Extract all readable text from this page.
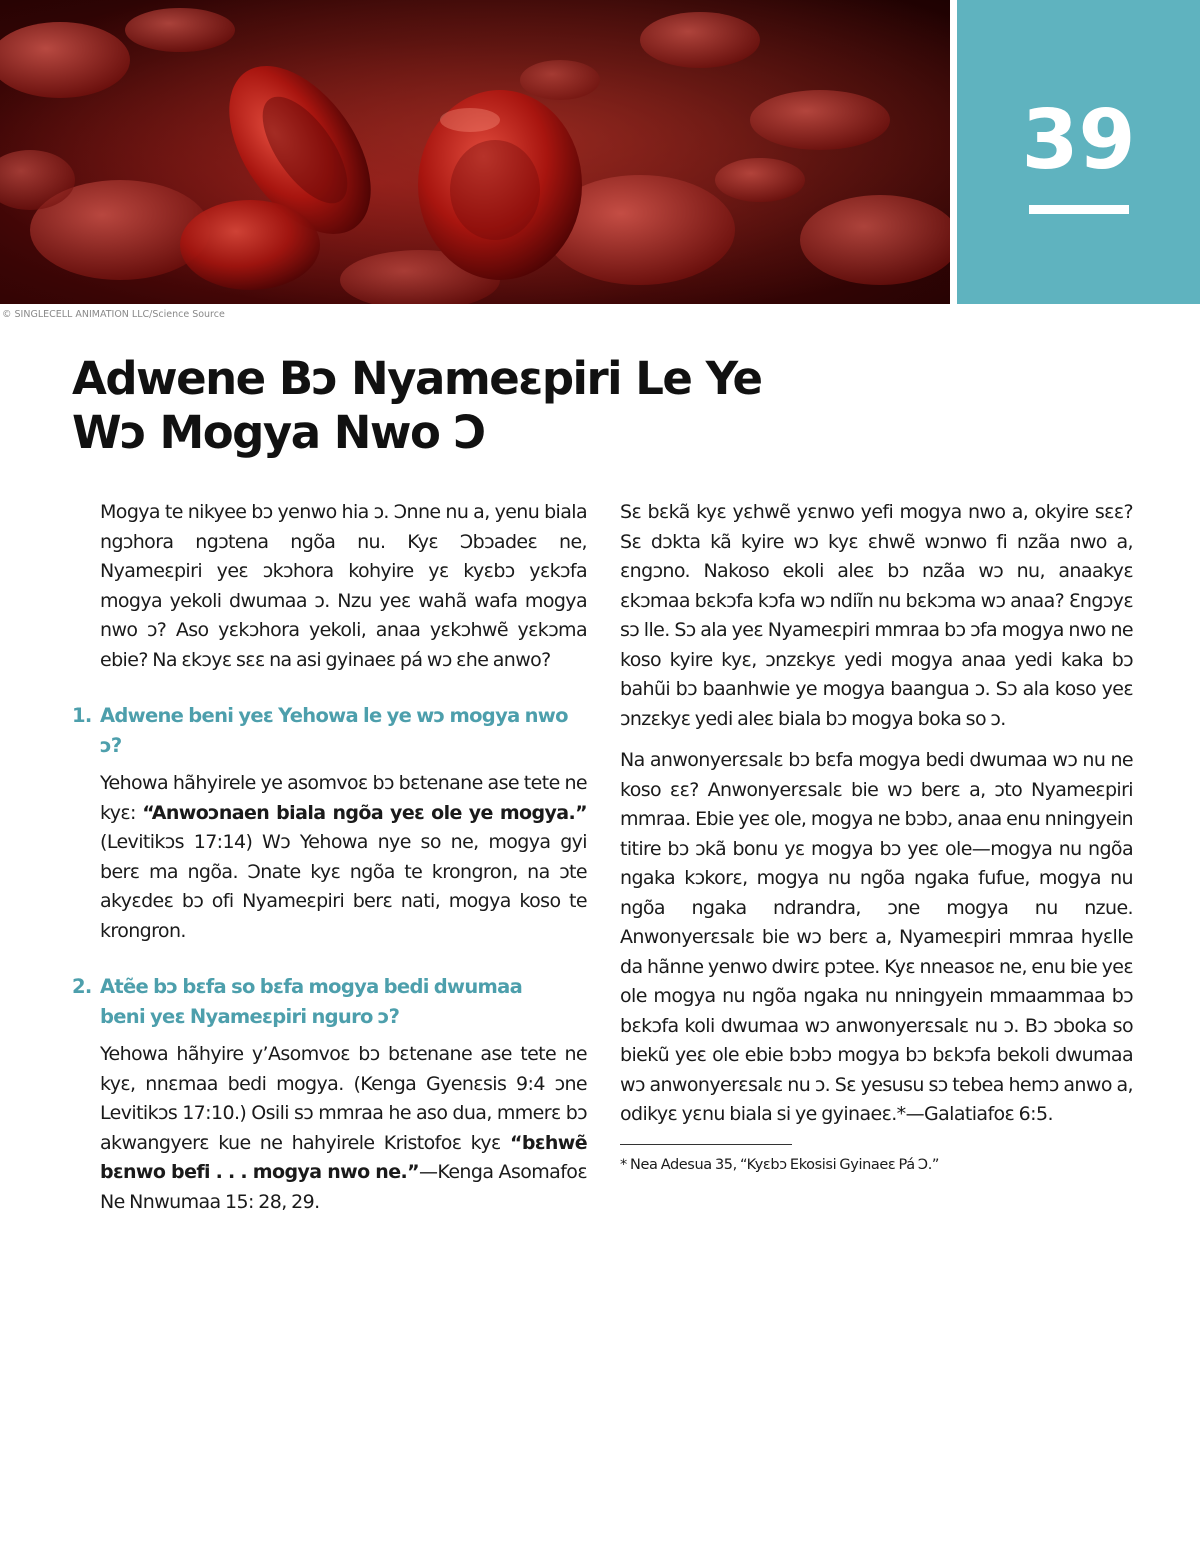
© SINGLECELL ANIMATION LLC/Science Source
39
Adwene Bɔ Nyameɛpiri Le Ye
Wɔ Mogya Nwo Ɔ

Mogya te nikyee bɔ yenwo hia ɔ. Ɔnne nu a, yenu biala ngɔhora ngɔtena ngõa nu. Kyɛ Ɔbɔadeɛ ne, Nyameɛpiri yeɛ ɔkɔhora kohyire yɛ kyɛbɔ yɛkɔfa mogya yekoli dwumaa ɔ. Nzu yeɛ wahã wafa mogya nwo ɔ? Aso yɛkɔhora yekoli, anaa yɛkɔhwẽ yɛkɔma ebie? Na ɛkɔyɛ sɛɛ na asi gyinaeɛ pá wɔ ɛhe anwo?

1. Adwene beni yeɛ Yehowa le ye wɔ mogya nwo ɔ?

Yehowa hãhyirele ye asomvoɛ bɔ bɛtenane ase tete ne kyɛ: “Anwoɔnaen biala ngõa yeɛ ole ye mogya.” (Levitikɔs 17:14) Wɔ Yehowa nye so ne, mogya gyi berɛ ma ngõa. Ɔnate kyɛ ngõa te krongron, na ɔte akyɛdeɛ bɔ ofi Nyameɛpiri berɛ nati, mogya koso te krongron.

2. Atẽe bɔ bɛfa so bɛfa mogya bedi dwumaa beni yeɛ Nyameɛpiri nguro ɔ?

Yehowa hãhyire y’Asomvoɛ bɔ bɛtenane ase tete ne kyɛ, nnɛmaa bedi mogya. (Kenga Gyenɛsis 9:4 ɔne Levitikɔs 17:10.) Osili sɔ mmraa he aso dua, mmerɛ bɔ akwangyerɛ kue ne hahyirele Kristofoɛ kyɛ “bɛhwẽ bɛnwo befi . . . mogya nwo ne.”—Kenga Asomafoɛ Ne Nnwumaa 15: 28, 29.

Sɛ bɛkã kyɛ yɛhwẽ yɛnwo yefi mogya nwo a, okyire sɛɛ? Sɛ dɔkta kã kyire wɔ kyɛ ɛhwẽ wɔnwo fi nzãa nwo a, ɛngɔno. Nakoso ekoli aleɛ bɔ nzãa wɔ nu, anaakyɛ ɛkɔmaa bɛkɔfa kɔfa wɔ ndiĩn nu bɛkɔma wɔ anaa? Ɛngɔyɛ sɔ lle. Sɔ ala yeɛ Nyameɛpiri mmraa bɔ ɔfa mogya nwo ne koso kyire kyɛ, ɔnzɛkyɛ yedi mogya anaa yedi kaka bɔ bahũi bɔ baanhwie ye mogya baangua ɔ. Sɔ ala koso yeɛ ɔnzɛkyɛ yedi aleɛ biala bɔ mogya boka so ɔ.

Na anwonyerɛsalɛ bɔ bɛfa mogya bedi dwumaa wɔ nu ne koso ɛɛ? Anwonyerɛsalɛ bie wɔ berɛ a, ɔto Nyameɛpiri mmraa. Ebie yeɛ ole, mogya ne bɔbɔ, anaa enu nningyein titire bɔ ɔkã bonu yɛ mogya bɔ yeɛ ole—mogya nu ngõa ngaka kɔkorɛ, mogya nu ngõa ngaka fufue, mogya nu ngõa ngaka ndrandra, ɔne mogya nu nzue. Anwonyerɛsalɛ bie wɔ berɛ a, Nyameɛpiri mmraa hyɛlle da hãnne yenwo dwirɛ pɔtee. Kyɛ nneasoɛ ne, enu bie yeɛ ole mogya nu ngõa ngaka nu nningyein mmaammaa bɔ bɛkɔfa koli dwumaa wɔ anwonyerɛsalɛ nu ɔ. Bɔ ɔboka so biekũ yeɛ ole ebie bɔbɔ mogya bɔ bɛkɔfa bekoli dwumaa wɔ anwonyerɛsalɛ nu ɔ. Sɛ yesusu sɔ tebea hemɔ anwo a, odikyɛ yɛnu biala si ye gyinaeɛ.*—Galatiafoɛ 6:5.

* Nea Adesua 35, “Kyɛbɔ Ekosisi Gyinaeɛ Pá Ɔ.”
